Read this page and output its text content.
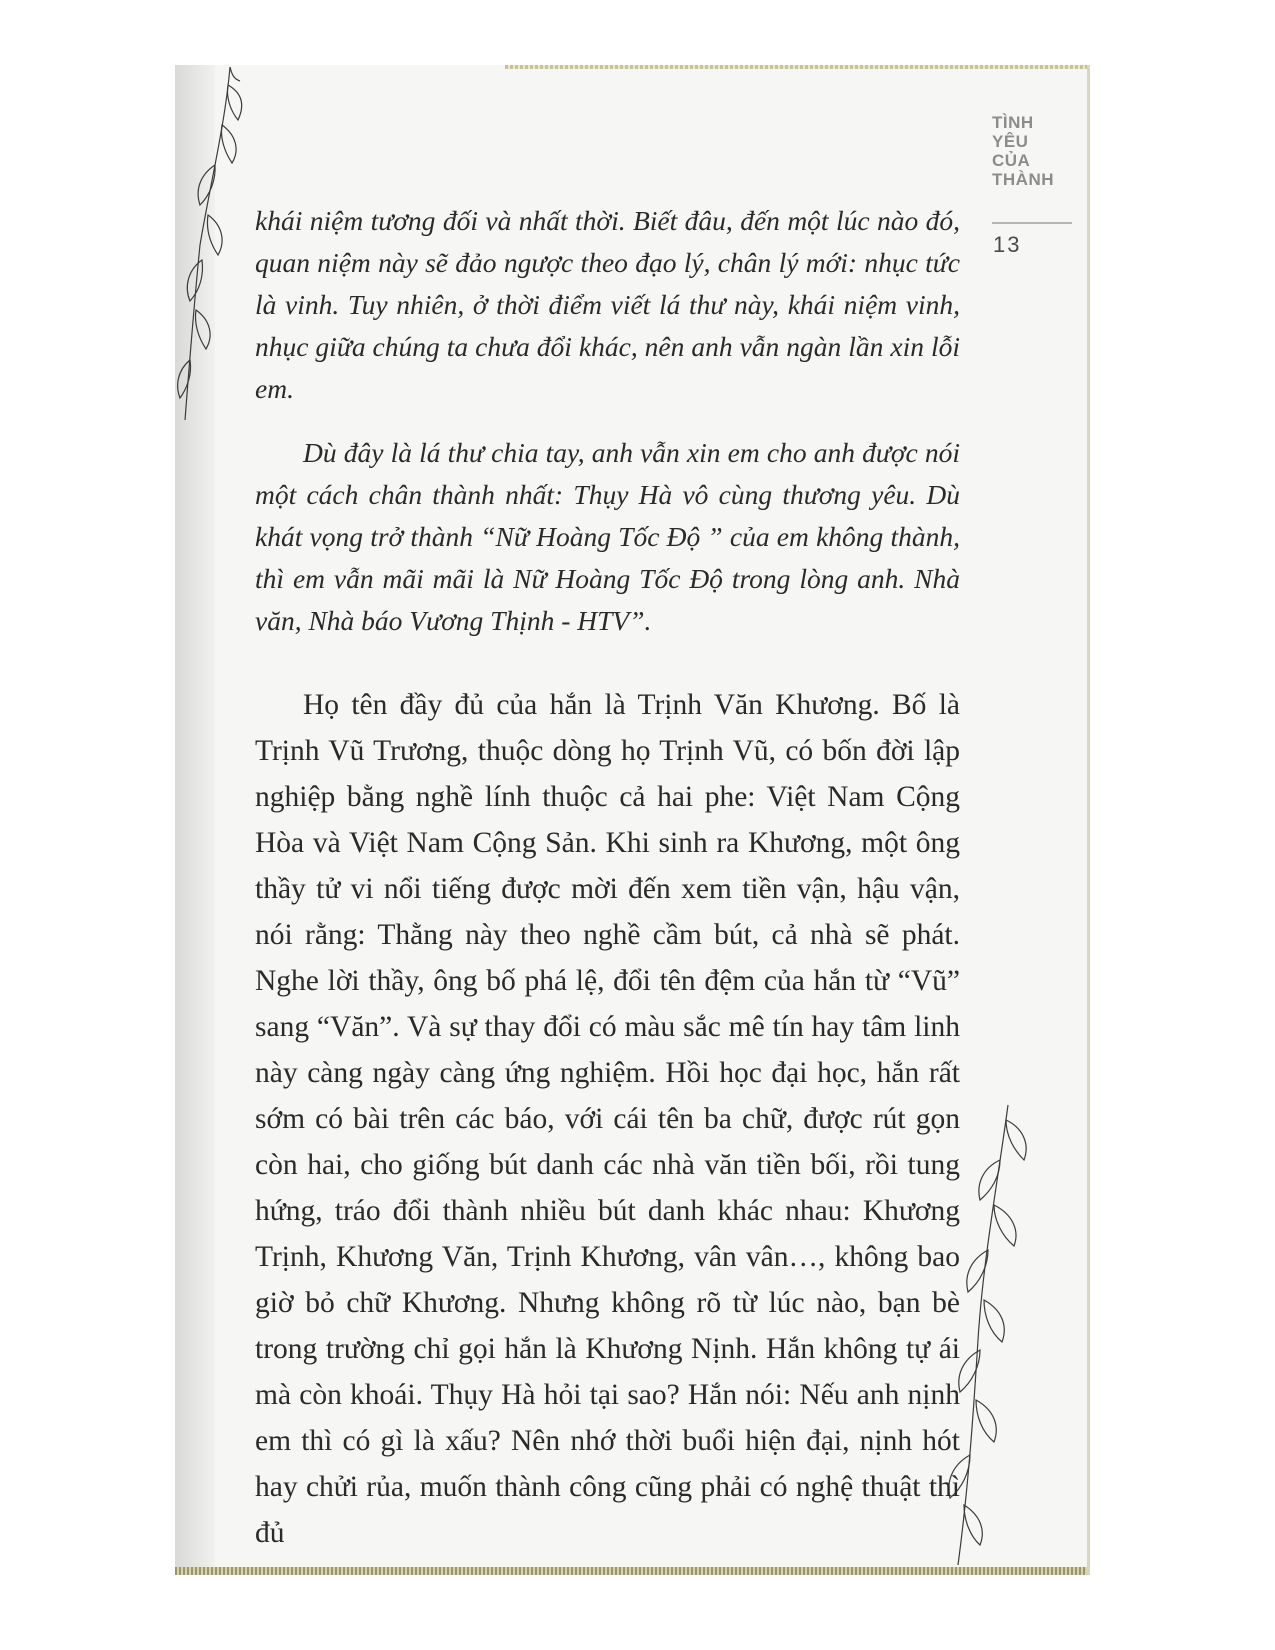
TÌNH
YÊU
CỦA
THÀNH
13

khái niệm tương đối và nhất thời. Biết đâu, đến một lúc nào đó, quan niệm này sẽ đảo ngược theo đạo lý, chân lý mới: nhục tức là vinh. Tuy nhiên, ở thời điểm viết lá thư này, khái niệm vinh, nhục giữa chúng ta chưa đổi khác, nên anh vẫn ngàn lần xin lỗi em.

Dù đây là lá thư chia tay, anh vẫn xin em cho anh được nói một cách chân thành nhất: Thụy Hà vô cùng thương yêu. Dù khát vọng trở thành “Nữ Hoàng Tốc Độ ” của em không thành, thì em vẫn mãi mãi là Nữ Hoàng Tốc Độ trong lòng anh. Nhà văn, Nhà báo Vương Thịnh - HTV”.

Họ tên đầy đủ của hắn là Trịnh Văn Khương. Bố là Trịnh Vũ Trương, thuộc dòng họ Trịnh Vũ, có bốn đời lập nghiệp bằng nghề lính thuộc cả hai phe: Việt Nam Cộng Hòa và Việt Nam Cộng Sản. Khi sinh ra Khương, một ông thầy tử vi nổi tiếng được mời đến xem tiền vận, hậu vận, nói rằng: Thằng này theo nghề cầm bút, cả nhà sẽ phát. Nghe lời thầy, ông bố phá lệ, đổi tên đệm của hắn từ “Vũ” sang “Văn”. Và sự thay đổi có màu sắc mê tín hay tâm linh này càng ngày càng ứng nghiệm. Hồi học đại học, hắn rất sớm có bài trên các báo, với cái tên ba chữ, được rút gọn còn hai, cho giống bút danh các nhà văn tiền bối, rồi tung hứng, tráo đổi thành nhiều bút danh khác nhau: Khương Trịnh, Khương Văn, Trịnh Khương, vân vân…, không bao giờ bỏ chữ Khương. Nhưng không rõ từ lúc nào, bạn bè trong trường chỉ gọi hắn là Khương Nịnh. Hắn không tự ái mà còn khoái. Thụy Hà hỏi tại sao? Hắn nói: Nếu anh nịnh em thì có gì là xấu? Nên nhớ thời buổi hiện đại, nịnh hót hay chửi rủa, muốn thành công cũng phải có nghệ thuật thì đủ
